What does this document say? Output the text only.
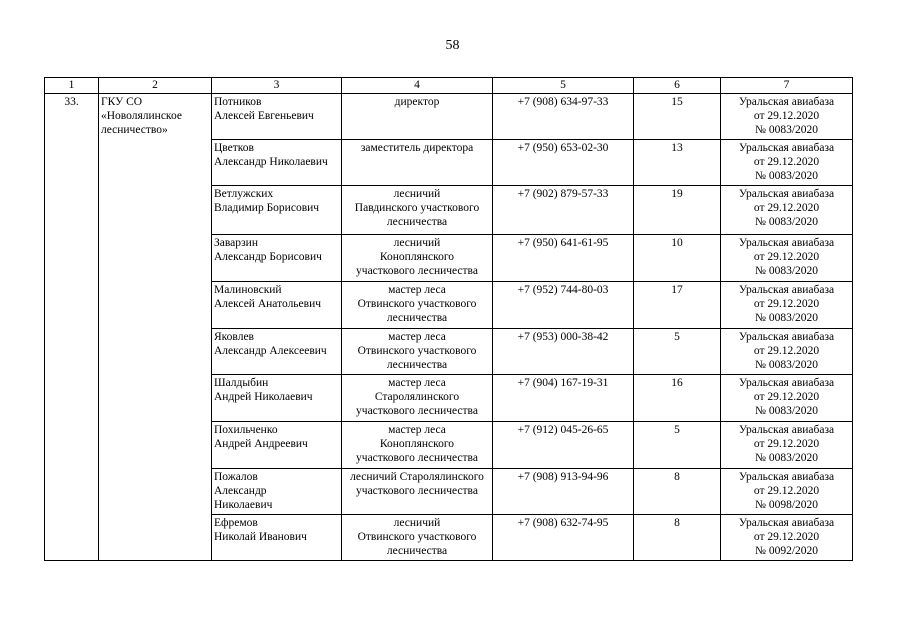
58
1	2	3	4	5	6	7
33.	ГКУ СО
«Новолялинское
лесничество»	Потников
Алексей Евгеньевич	директор	+7 (908) 634-97-33	15	Уральская авиабаза
от 29.12.2020
№ 0083/2020

		Цветков
Александр Николаевич	заместитель директора	+7 (950) 653-02-30	13	Уральская авиабаза
от 29.12.2020
№ 0083/2020

		Ветлужских
Владимир Борисович	лесничий
Павдинского участкового
лесничества	+7 (902) 879-57-33	19	Уральская авиабаза
от 29.12.2020
№ 0083/2020

		Заварзин
Александр Борисович	лесничий
Коноплянского
участкового лесничества	+7 (950) 641-61-95	10	Уральская авиабаза
от 29.12.2020
№ 0083/2020

		Малиновский
Алексей Анатольевич	мастер леса
Отвинского участкового
лесничества	+7 (952) 744-80-03	17	Уральская авиабаза
от 29.12.2020
№ 0083/2020

		Яковлев
Александр Алексеевич	мастер леса
Отвинского участкового
лесничества	+7 (953) 000-38-42	5	Уральская авиабаза
от 29.12.2020
№ 0083/2020

		Шалдыбин
Андрей Николаевич	мастер леса
Старолялинского
участкового лесничества	+7 (904) 167-19-31	16	Уральская авиабаза
от 29.12.2020
№ 0083/2020

		Похильченко
Андрей Андреевич	мастер леса
Коноплянского
участкового лесничества	+7 (912) 045-26-65	5	Уральская авиабаза
от 29.12.2020
№ 0083/2020

		Пожалов
Александр
Николаевич	лесничий Старолялинского
участкового лесничества	+7 (908) 913-94-96	8	Уральская авиабаза
от 29.12.2020
№ 0098/2020

		Ефремов
Николай Иванович	лесничий
Отвинского участкового
лесничества	+7 (908) 632-74-95	8	Уральская авиабаза
от 29.12.2020
№ 0092/2020
